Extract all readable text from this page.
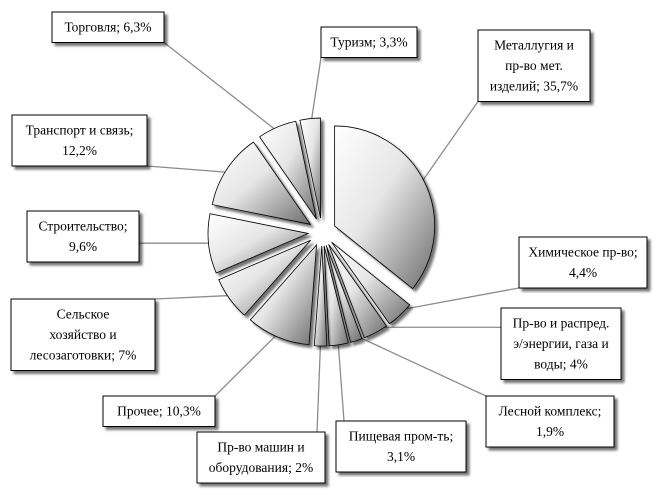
Металлугия и
пр-во мет.
изделий; 35,7%
Химическое пр-во;
4,4%
Пр-во и распред.
э/энергии, газа и
воды; 4%
Лесной комплекс;
1,9%
Пищевая пром-ть;
3,1%
Пр-во машин и
оборудования; 2%
Прочее; 10,3%
Сельское
хозяйство и
лесозаготовки; 7%
Строительство;
9,6%
Транспорт и связь;
12,2%
Торговля; 6,3%
Туризм; 3,3%
